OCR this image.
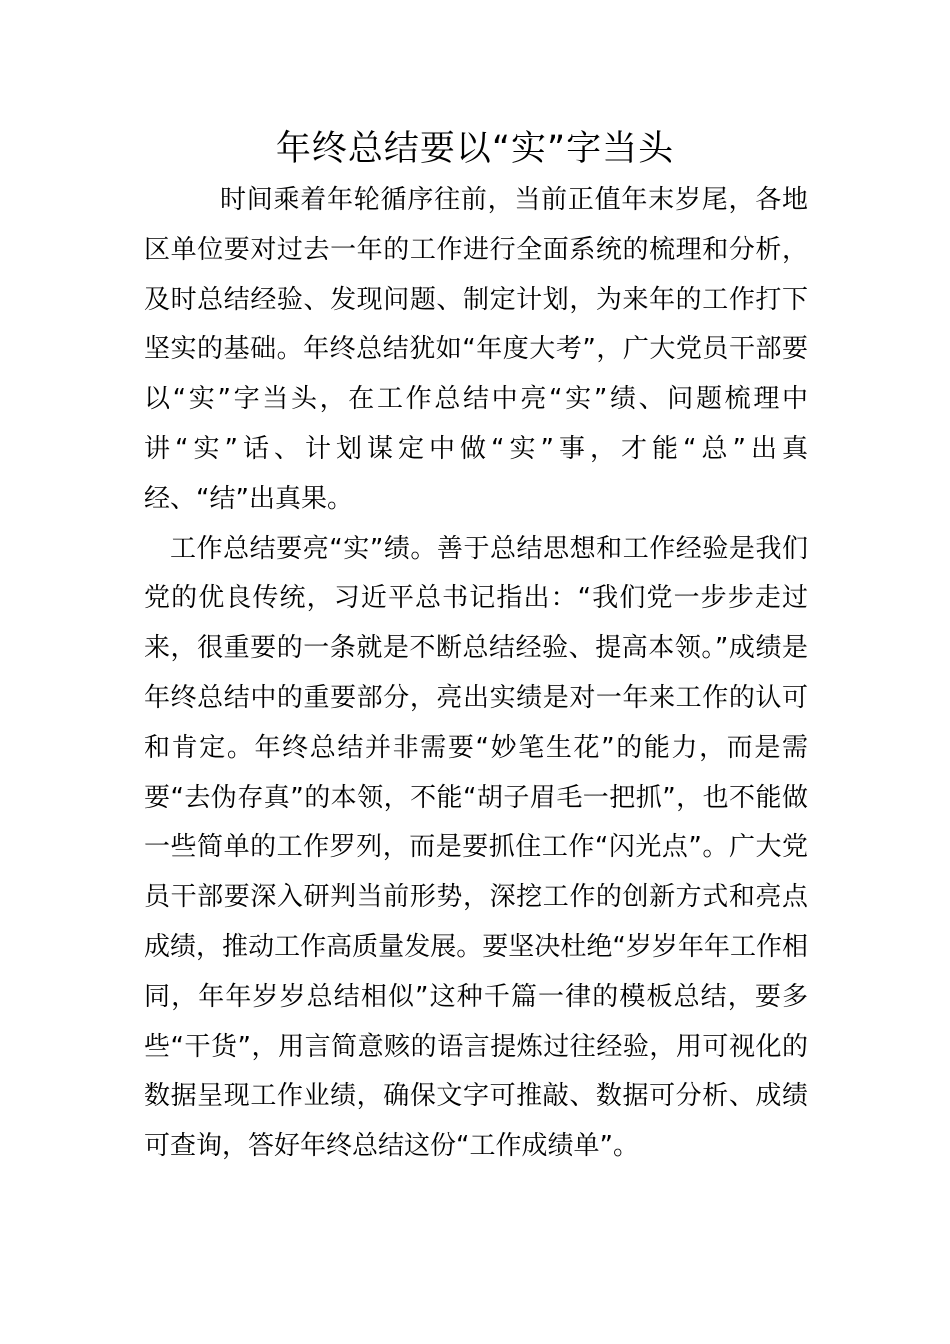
年终总结要以“实”字当头

时间乘着年轮循序往前，当前正值年末岁尾，各地区单位要对过去一年的工作进行全面系统的梳理和分析，及时总结经验、发现问题、制定计划，为来年的工作打下坚实的基础。年终总结犹如“年度大考”，广大党员干部要以“实”字当头，在工作总结中亮“实”绩、问题梳理中讲“实”话、计划谋定中做“实”事，才能“总”出真经、“结”出真果。

工作总结要亮“实”绩。善于总结思想和工作经验是我们党的优良传统，习近平总书记指出：“我们党一步步走过来，很重要的一条就是不断总结经验、提高本领。”成绩是年终总结中的重要部分，亮出实绩是对一年来工作的认可和肯定。年终总结并非需要“妙笔生花”的能力，而是需要“去伪存真”的本领，不能“胡子眉毛一把抓”，也不能做一些简单的工作罗列，而是要抓住工作“闪光点”。广大党员干部要深入研判当前形势，深挖工作的创新方式和亮点成绩，推动工作高质量发展。要坚决杜绝“岁岁年年工作相同，年年岁岁总结相似”这种千篇一律的模板总结，要多些“干货”，用言简意赅的语言提炼过往经验，用可视化的数据呈现工作业绩，确保文字可推敲、数据可分析、成绩可查询，答好年终总结这份“工作成绩单”。
